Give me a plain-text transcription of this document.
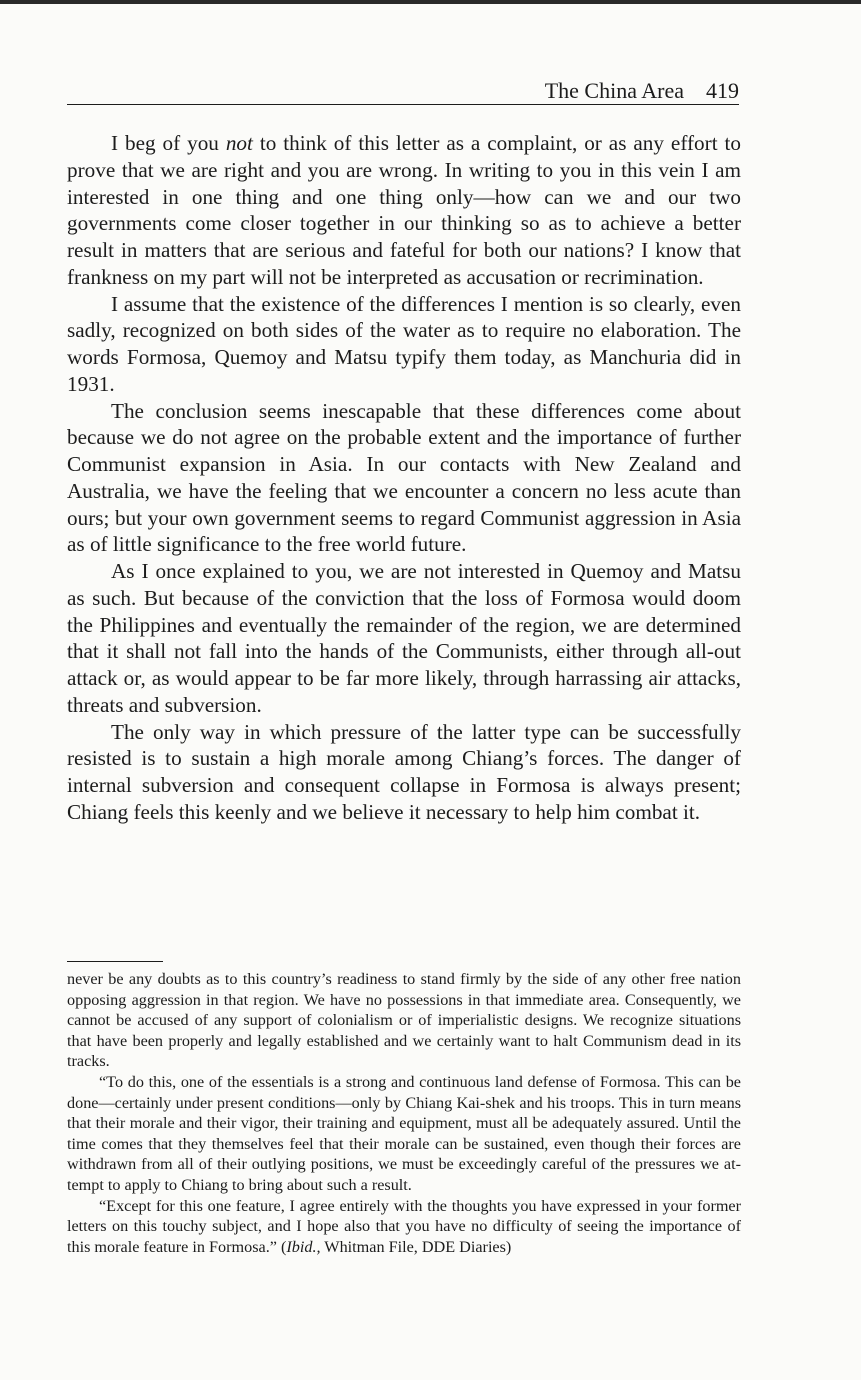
The China Area 419

I beg of you not to think of this letter as a complaint, or as any effort to prove that we are right and you are wrong. In writing to you in this vein I am interested in one thing and one thing only—how can we and our two governments come closer together in our thinking so as to achieve a better result in matters that are serious and fateful for both our nations? I know that frankness on my part will not be interpreted as accusation or recrimination.

I assume that the existence of the differences I mention is so clearly, even sadly, recognized on both sides of the water as to require no elaboration. The words Formosa, Quemoy and Matsu typify them today, as Manchuria did in 1931.

The conclusion seems inescapable that these differences come about because we do not agree on the probable extent and the importance of further Communist expansion in Asia. In our contacts with New Zealand and Australia, we have the feeling that we encounter a concern no less acute than ours; but your own government seems to regard Communist aggression in Asia as of little significance to the free world future.

As I once explained to you, we are not interested in Quemoy and Matsu as such. But because of the conviction that the loss of Formosa would doom the Philippines and eventually the remainder of the region, we are determined that it shall not fall into the hands of the Communists, either through all-out attack or, as would appear to be far more likely, through harrassing air attacks, threats and subversion.

The only way in which pressure of the latter type can be successfully resisted is to sustain a high morale among Chiang’s forces. The danger of internal subversion and consequent collapse in Formosa is always present; Chiang feels this keenly and we believe it necessary to help him combat it.

never be any doubts as to this country’s readiness to stand firmly by the side of any other free nation opposing aggression in that region. We have no possessions in that immediate area. Consequently, we cannot be accused of any support of colonialism or of imperialistic designs. We recognize situations that have been properly and legally established and we certainly want to halt Communism dead in its tracks.

“To do this, one of the essentials is a strong and continuous land defense of Formosa. This can be done—certainly under present conditions—only by Chiang Kai-shek and his troops. This in turn means that their morale and their vigor, their training and equipment, must all be adequately assured. Until the time comes that they themselves feel that their morale can be sustained, even though their forces are withdrawn from all of their outlying positions, we must be exceedingly careful of the pressures we attempt to apply to Chiang to bring about such a result.

“Except for this one feature, I agree entirely with the thoughts you have expressed in your former letters on this touchy subject, and I hope also that you have no difficulty of seeing the importance of this morale feature in Formosa.” (Ibid., Whitman File, DDE Diaries)
